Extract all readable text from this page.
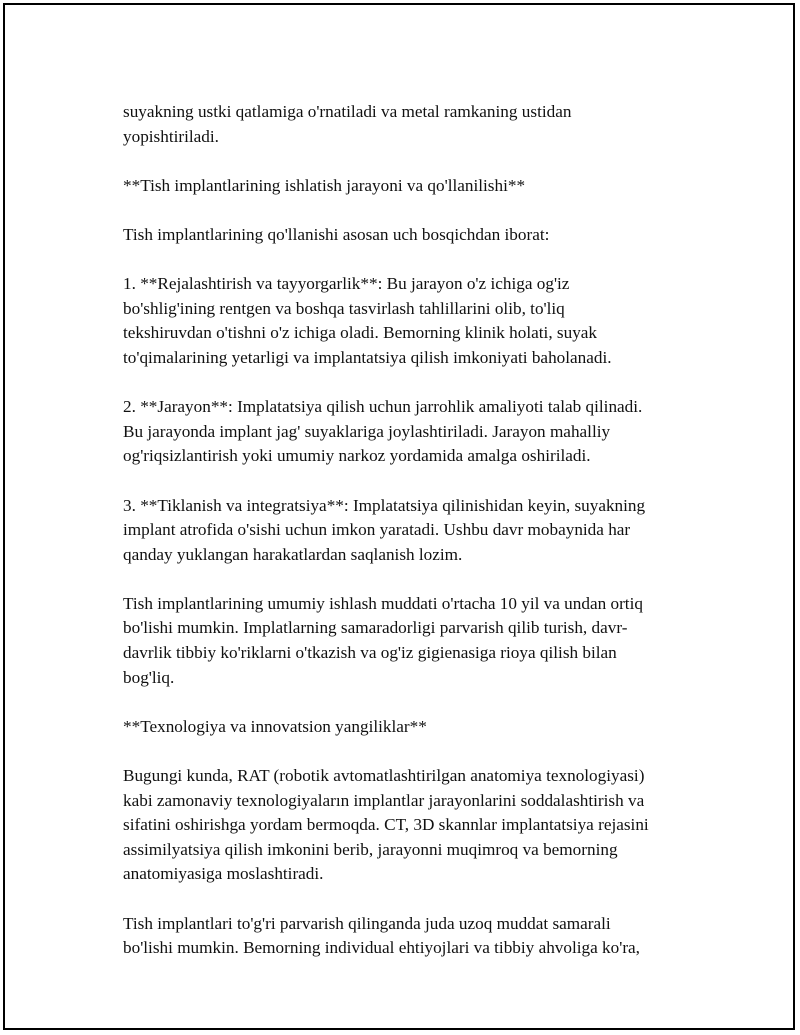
suyakning ustki qatlamiga o'rnatiladi va metal ramkaning ustidan
yopishtiriladi.

**Tish implantlarining ishlatish jarayoni va qo'llanilishi**

Tish implantlarining qo'llanishi asosan uch bosqichdan iborat:

1. **Rejalashtirish va tayyorgarlik**: Bu jarayon o'z ichiga og'iz
bo'shlig'ining rentgen va boshqa tasvirlash tahlillarini olib, to'liq
tekshiruvdan o'tishni o'z ichiga oladi. Bemorning klinik holati, suyak
to'qimalarining yetarligi va implantatsiya qilish imkoniyati baholanadi.

2. **Jarayon**: Implatatsiya qilish uchun jarrohlik amaliyoti talab qilinadi.
Bu jarayonda implant jag' suyaklariga joylashtiriladi. Jarayon mahalliy
og'riqsizlantirish yoki umumiy narkoz yordamida amalga oshiriladi.

3. **Tiklanish va integratsiya**: Implatatsiya qilinishidan keyin, suyakning
implant atrofida o'sishi uchun imkon yaratadi. Ushbu davr mobaynida har
qanday yuklangan harakatlardan saqlanish lozim.

Tish implantlarining umumiy ishlash muddati o'rtacha 10 yil va undan ortiq
bo'lishi mumkin. Implatlarning samaradorligi parvarish qilib turish, davr-
davrlik tibbiy ko'riklarni o'tkazish va og'iz gigienasiga rioya qilish bilan
bog'liq.

**Texnologiya va innovatsion yangiliklar**

Bugungi kunda, RAT (robotik avtomatlashtirilgan anatomiya texnologiyasi)
kabi zamonaviy texnologiyaların implantlar jarayonlarini soddalashtirish va
sifatini oshirishga yordam bermoqda. CT, 3D skannlar implantatsiya rejasini
assimilyatsiya qilish imkonini berib, jarayonni muqimroq va bemorning
anatomiyasiga moslashtiradi.

Tish implantlari to'g'ri parvarish qilinganda juda uzoq muddat samarali
bo'lishi mumkin. Bemorning individual ehtiyojlari va tibbiy ahvoliga ko'ra,
